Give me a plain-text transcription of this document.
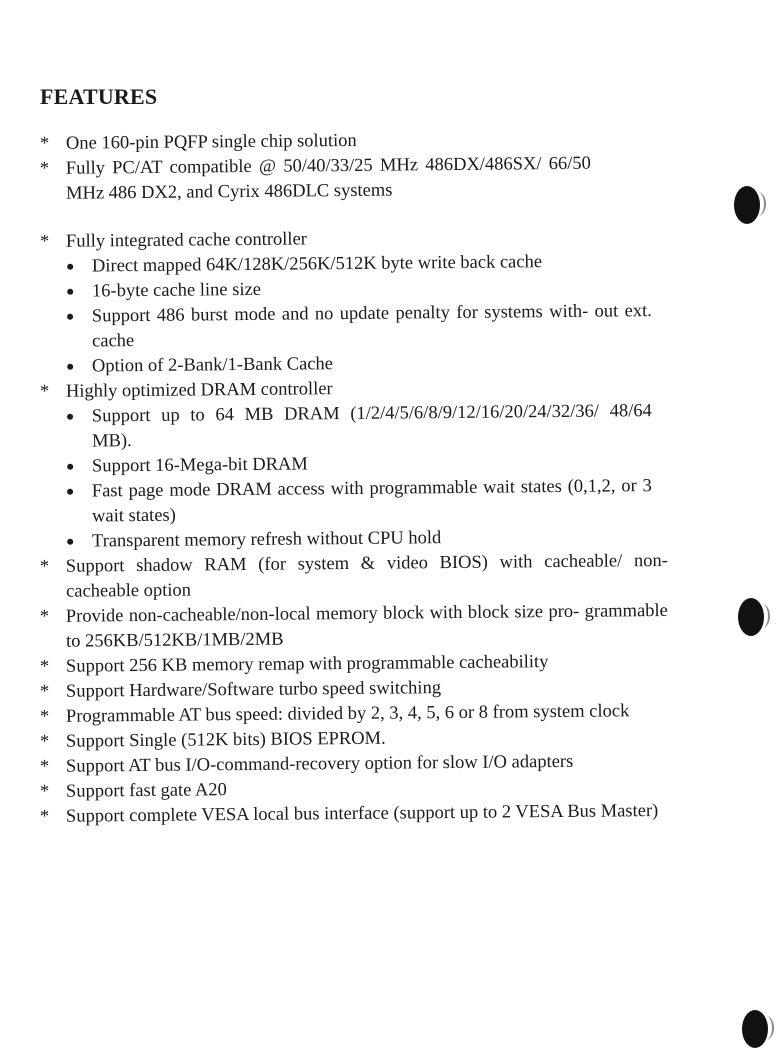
FEATURES
* One 160-pin PQFP single chip solution
* Fully PC/AT compatible @ 50/40/33/25 MHz 486DX/486SX/ 66/50 MHz 486 DX2, and Cyrix 486DLC systems
* Fully integrated cache controller
● Direct mapped 64K/128K/256K/512K byte write back cache
● 16-byte cache line size
● Support 486 burst mode and no update penalty for systems with- out ext. cache
● Option of 2-Bank/1-Bank Cache
* Highly optimized DRAM controller
● Support up to 64 MB DRAM (1/2/4/5/6/8/9/12/16/20/24/32/36/ 48/64 MB).
● Support 16-Mega-bit DRAM
● Fast page mode DRAM access with programmable wait states (0,1,2, or 3 wait states)
● Transparent memory refresh without CPU hold
* Support shadow RAM (for system & video BIOS) with cacheable/ non-cacheable option
* Provide non-cacheable/non-local memory block with block size pro- grammable to 256KB/512KB/1MB/2MB
* Support 256 KB memory remap with programmable cacheability
* Support Hardware/Software turbo speed switching
* Programmable AT bus speed: divided by 2, 3, 4, 5, 6 or 8 from system clock
* Support Single (512K bits) BIOS EPROM.
* Support AT bus I/O-command-recovery option for slow I/O adapters
* Support fast gate A20
* Support complete VESA local bus interface (support up to 2 VESA Bus Master)
